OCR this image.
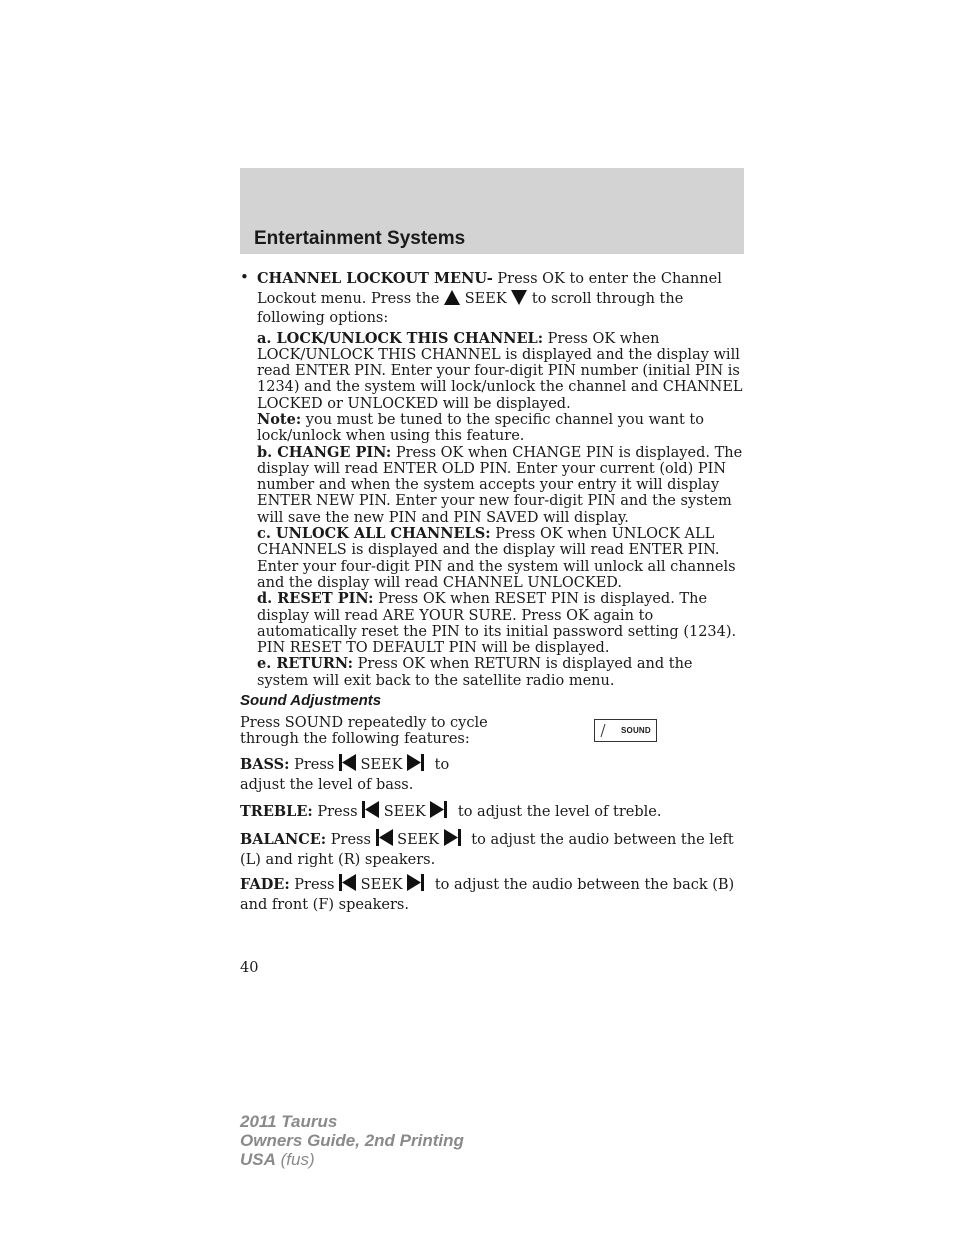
Entertainment Systems
• CHANNEL LOCKOUT MENU- Press OK to enter the Channel Lockout menu. Press the  SEEK  to scroll through the following options:

a. LOCK/UNLOCK THIS CHANNEL: Press OK when LOCK/UNLOCK THIS CHANNEL is displayed and the display will read ENTER PIN. Enter your four-digit PIN number (initial PIN is 1234) and the system will lock/unlock the channel and CHANNEL LOCKED or UNLOCKED will be displayed.

Note: you must be tuned to the specific channel you want to lock/unlock when using this feature.

b. CHANGE PIN: Press OK when CHANGE PIN is displayed. The display will read ENTER OLD PIN. Enter your current (old) PIN number and when the system accepts your entry it will display ENTER NEW PIN. Enter your new four-digit PIN and the system will save the new PIN and PIN SAVED will display.

c. UNLOCK ALL CHANNELS: Press OK when UNLOCK ALL CHANNELS is displayed and the display will read ENTER PIN. Enter your four-digit PIN and the system will unlock all channels and the display will read CHANNEL UNLOCKED.

d. RESET PIN: Press OK when RESET PIN is displayed. The display will read ARE YOUR SURE. Press OK again to automatically reset the PIN to its initial password setting (1234). PIN RESET TO DEFAULT PIN will be displayed.

e. RETURN: Press OK when RETURN is displayed and the system will exit back to the satellite radio menu.

Sound Adjustments
Press SOUND repeatedly to cycle through the following features:
SOUND
BASS: Press  SEEK  to
adjust the level of bass.
TREBLE: Press  SEEK  to adjust the level of treble.
BALANCE: Press  SEEK  to adjust the audio between the left
(L) and right (R) speakers.
FADE: Press  SEEK  to adjust the audio between the back (B)
and front (F) speakers.
40
2011 Taurus
Owners Guide, 2nd Printing
USA (fus)
